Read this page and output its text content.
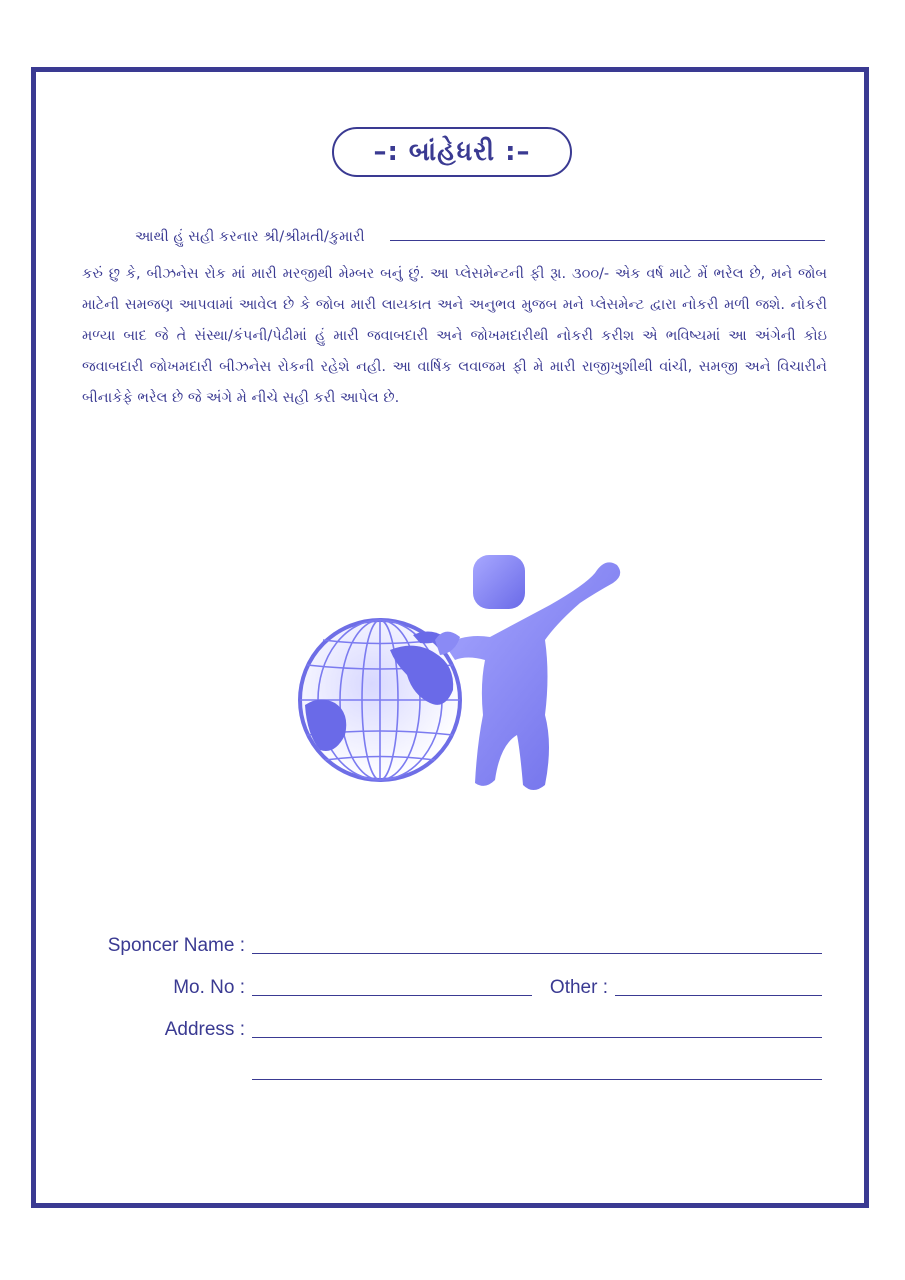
–: બાંહેધરી :–
આથી હું સહી કરનાર શ્રી/શ્રીમતી/કુમારી
કરું છુ કે, બીઝનેસ રોક માં મારી મરજીથી મેમ્બર બનું છું. આ પ્લેસમેન્ટની ફી રૂા. ૩૦૦/- એક વર્ષ માટે મેં ભરેલ છે, મને જોબ માટેની સમજણ આપવામાં આવેલ છે કે જોબ મારી લાયકાત અને અનુભવ મુજબ મને પ્લેસમેન્ટ દ્વારા નોકરી મળી જશે. નોકરી મળ્યા બાદ જે તે સંસ્થા/કંપની/પેઢીમાં હું મારી જવાબદારી અને જોખમદારીથી નોકરી કરીશ એ ભવિષ્યમાં આ અંગેની કોઇ જવાબદારી જોખમદારી બીઝનેસ રોકની રહેશે નહી. આ વાર્ષિક લવાજમ ફી મે મારી રાજીખુશીથી વાંચી, સમજી અને વિચારીને બીનાકેફે ભરેલ છે જે અંગે મે નીચે સહી કરી આપેલ છે.
Sponcer Name :
Mo. No :	Other :
Address :
